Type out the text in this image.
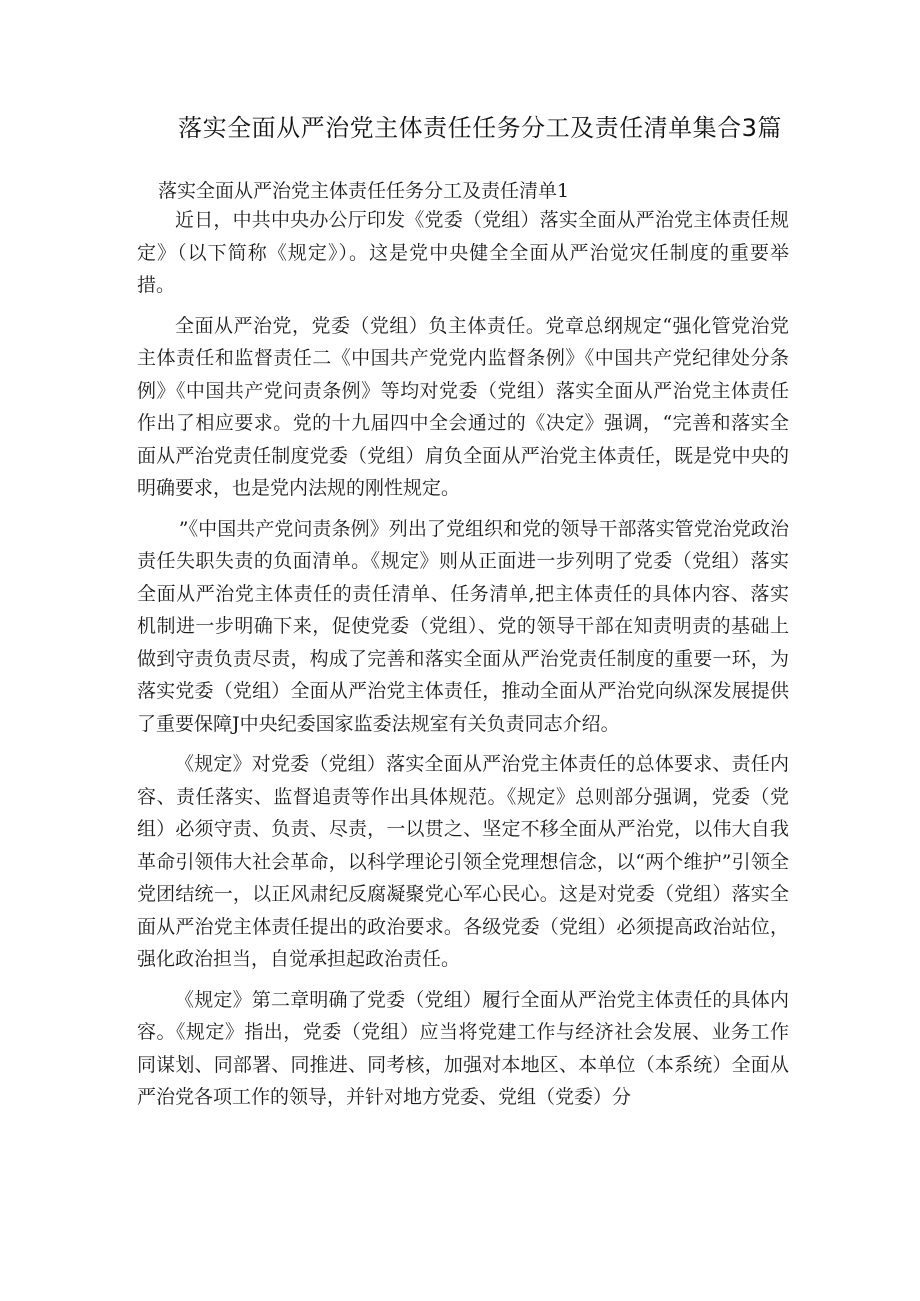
落实全面从严治党主体责任任务分工及责任清单集合3篇
落实全面从严治党主体责任任务分工及责任清单1

近日，中共中央办公厅印发《党委（党组）落实全面从严治党主体责任规定》（以下简称《规定》）。这是党中央健全全面从严治觉灾任制度的重要举措。

全面从严治党，党委（党组）负主体责任。党章总纲规定“强化管党治党主体责任和监督责任二《中国共产党党内监督条例》《中国共产党纪律处分条例》《中国共产党问责条例》等均对党委（党组）落实全面从严治党主体责任作出了相应要求。党的十九届四中全会通过的《决定》强调，“完善和落实全面从严治党责任制度党委（党组）肩负全面从严治党主体责任，既是党中央的明确要求，也是党内法规的刚性规定。

”《中国共产党问责条例》列出了党组织和党的领导干部落实管党治党政治责任失职失责的负面清单。《规定》则从正面进一步列明了党委（党组）落实全面从严治党主体责任的责任清单、任务清单,把主体责任的具体内容、落实机制进一步明确下来，促使党委（党组）、党的领导干部在知责明责的基础上做到守责负责尽责，构成了完善和落实全面从严治党责任制度的重要一环，为落实党委（党组）全面从严治党主体责任，推动全面从严治党向纵深发展提供了重要保障J中央纪委国家监委法规室有关负责同志介绍。

《规定》对党委（党组）落实全面从严治党主体责任的总体要求、责任内容、责任落实、监督追责等作出具体规范。《规定》总则部分强调，党委（党组）必须守责、负责、尽责，一以贯之、坚定不移全面从严治党，以伟大自我革命引领伟大社会革命，以科学理论引领全党理想信念，以“两个维护”引领全党团结统一，以正风肃纪反腐凝聚党心军心民心。这是对党委（党组）落实全面从严治党主体责任提出的政治要求。各级党委（党组）必须提高政治站位，强化政治担当，自觉承担起政治责任。

《规定》第二章明确了党委（党组）履行全面从严治党主体责任的具体内容。《规定》指出，党委（党组）应当将党建工作与经济社会发展、业务工作同谋划、同部署、同推进、同考核，加强对本地区、本单位（本系统）全面从严治党各项工作的领导，并针对地方党委、党组（党委）分
